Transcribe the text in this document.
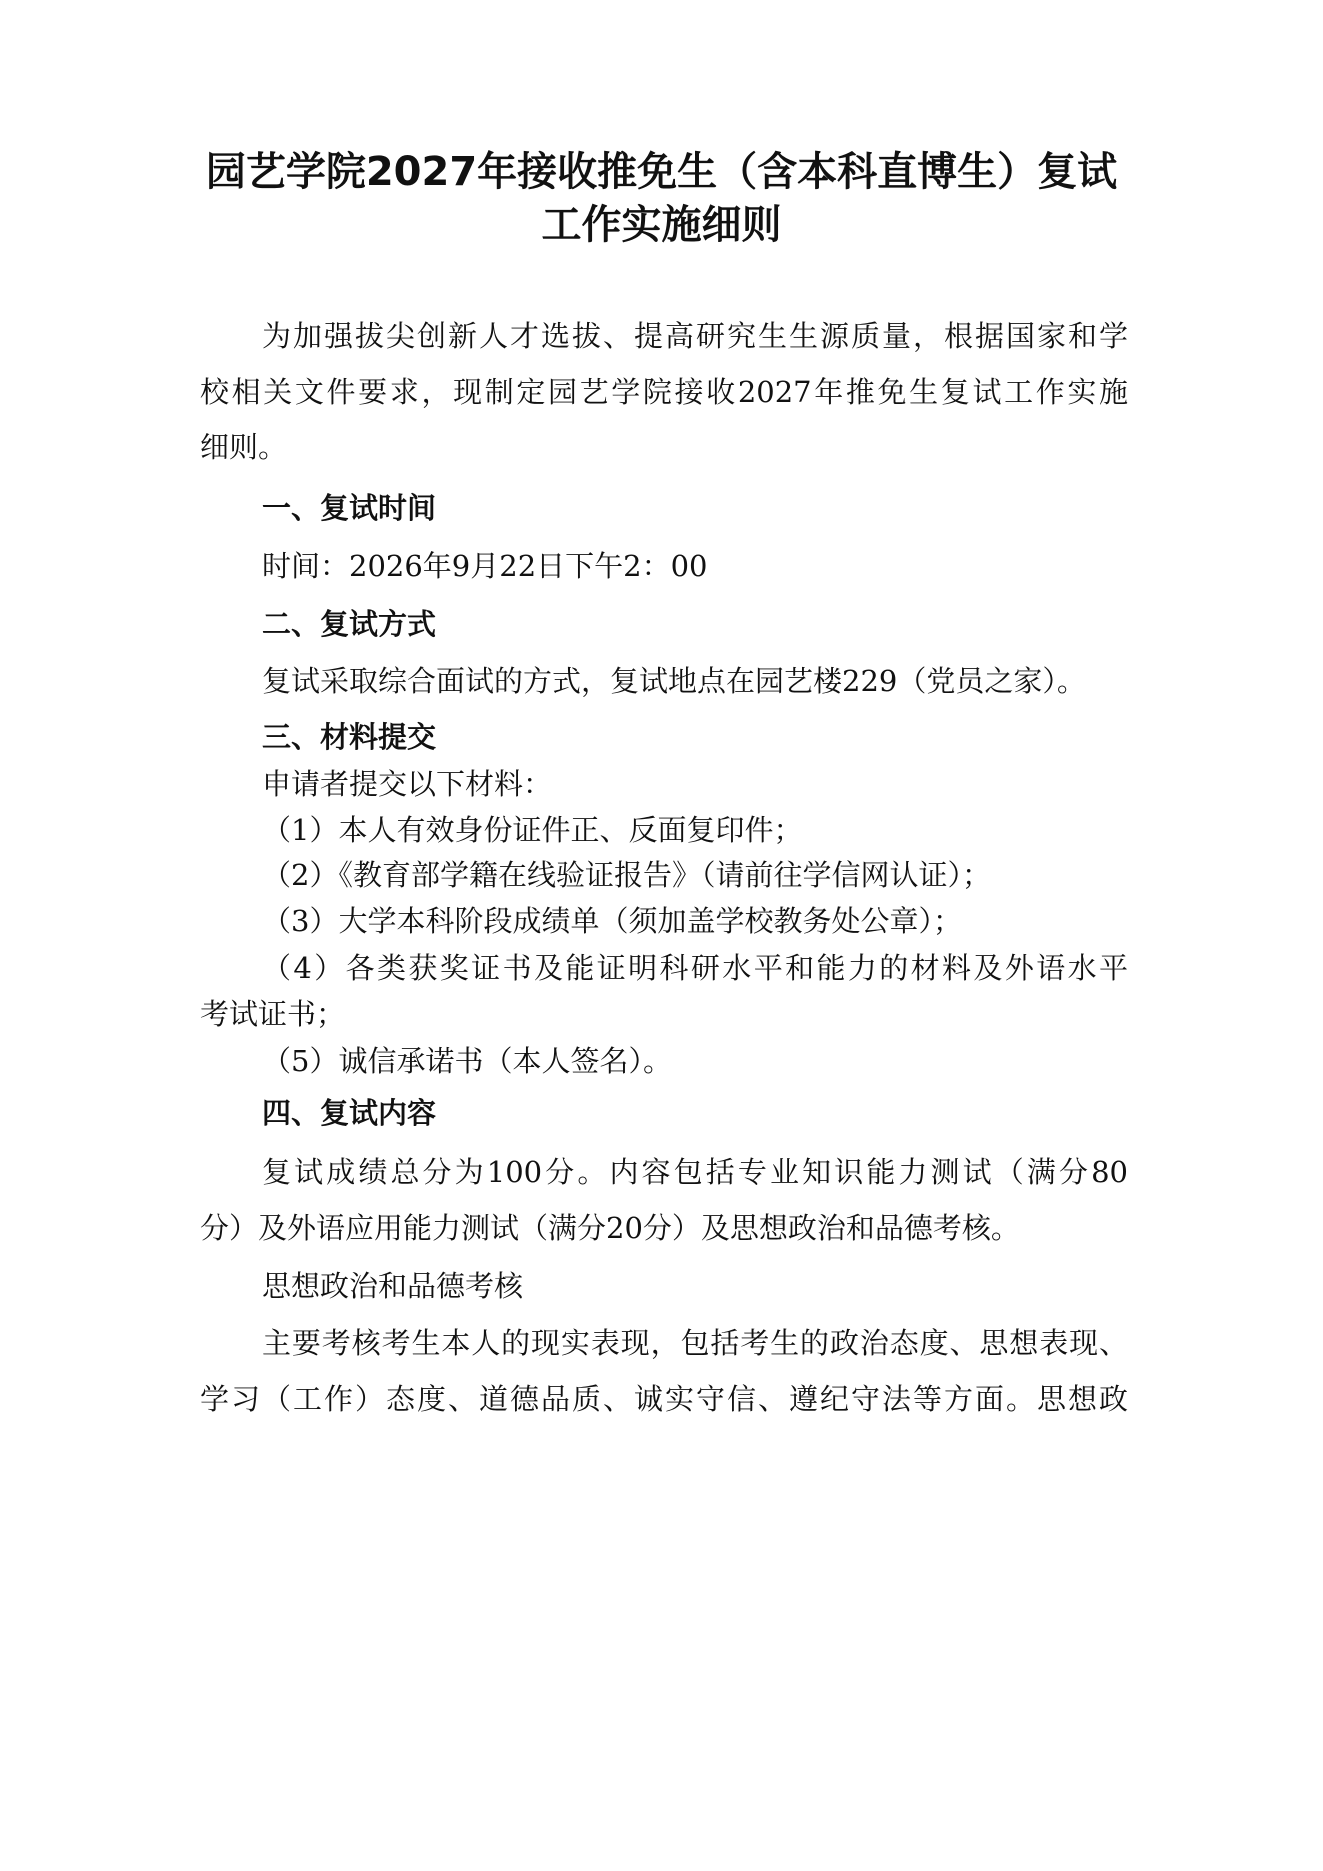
园艺学院2027年接收推免生（含本科直博生）复试
工作实施细则
为加强拔尖创新人才选拔、提高研究生生源质量，根据国家和学
校相关文件要求，现制定园艺学院接收2027年推免生复试工作实施
细则。
一、复试时间
时间：2026年9月22日下午2：00
二、复试方式
复试采取综合面试的方式，复试地点在园艺楼229（党员之家）。
三、材料提交
申请者提交以下材料：
（1）本人有效身份证件正、反面复印件；
（2）《教育部学籍在线验证报告》（请前往学信网认证）；
（3）大学本科阶段成绩单（须加盖学校教务处公章）；
（4）各类获奖证书及能证明科研水平和能力的材料及外语水平
考试证书；
（5）诚信承诺书（本人签名）。
四、复试内容
复试成绩总分为100分。内容包括专业知识能力测试（满分80
分）及外语应用能力测试（满分20分）及思想政治和品德考核。
思想政治和品德考核
主要考核考生本人的现实表现，包括考生的政治态度、思想表现、
学习（工作）态度、道德品质、诚实守信、遵纪守法等方面。思想政
